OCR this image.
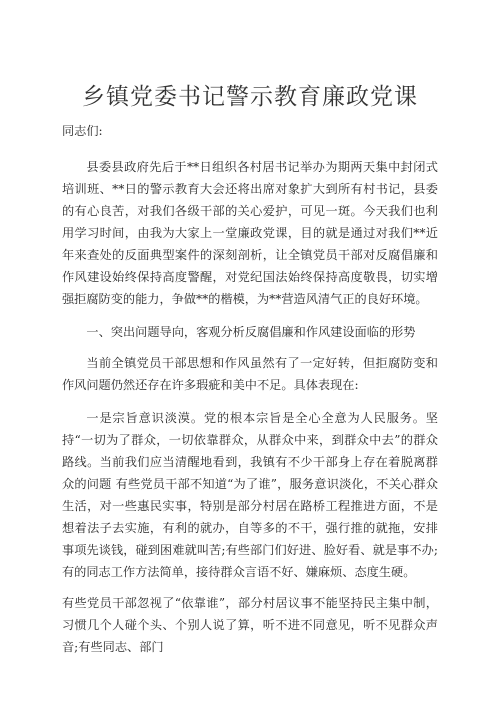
乡镇党委书记警示教育廉政党课

同志们:

县委县政府先后于**日组织各村居书记举办为期两天集中封闭式培训班、**日的警示教育大会还将出席对象扩大到所有村书记，县委的有心良苦，对我们各级干部的关心爱护，可见一斑。今天我们也利用学习时间，由我为大家上一堂廉政党课，目的就是通过对我们**近年来查处的反面典型案件的深刻剖析，让全镇党员干部对反腐倡廉和作风建设始终保持高度警醒，对党纪国法始终保持高度敬畏，切实增强拒腐防变的能力，争做**的楷模，为**营造风清气正的良好环境。

一、突出问题导向，客观分析反腐倡廉和作风建设面临的形势

当前全镇党员干部思想和作风虽然有了一定好转，但拒腐防变和作风问题仍然还存在许多瑕疵和美中不足。具体表现在:

一是宗旨意识淡漠。党的根本宗旨是全心全意为人民服务。坚持“一切为了群众，一切依靠群众，从群众中来，到群众中去”的群众路线。当前我们应当清醒地看到，我镇有不少干部身上存在着脱离群众的问题 有些党员干部不知道“为了谁”，服务意识淡化，不关心群众生活，对一些惠民实事，特别是部分村居在路桥工程推进方面，不是想着法子去实施，有利的就办，自等多的不干，强行推的就拖，安排事项先谈钱，碰到困难就叫苦;有些部门们好进、脸好看、就是事不办;有的同志工作方法简单，接待群众言语不好、嫌麻烦、态度生硬。

有些党员干部忽视了“依靠谁”，部分村居议事不能坚持民主集中制，习惯几个人碰个头、个别人说了算，听不进不同意见，听不见群众声音;有些同志、部门
